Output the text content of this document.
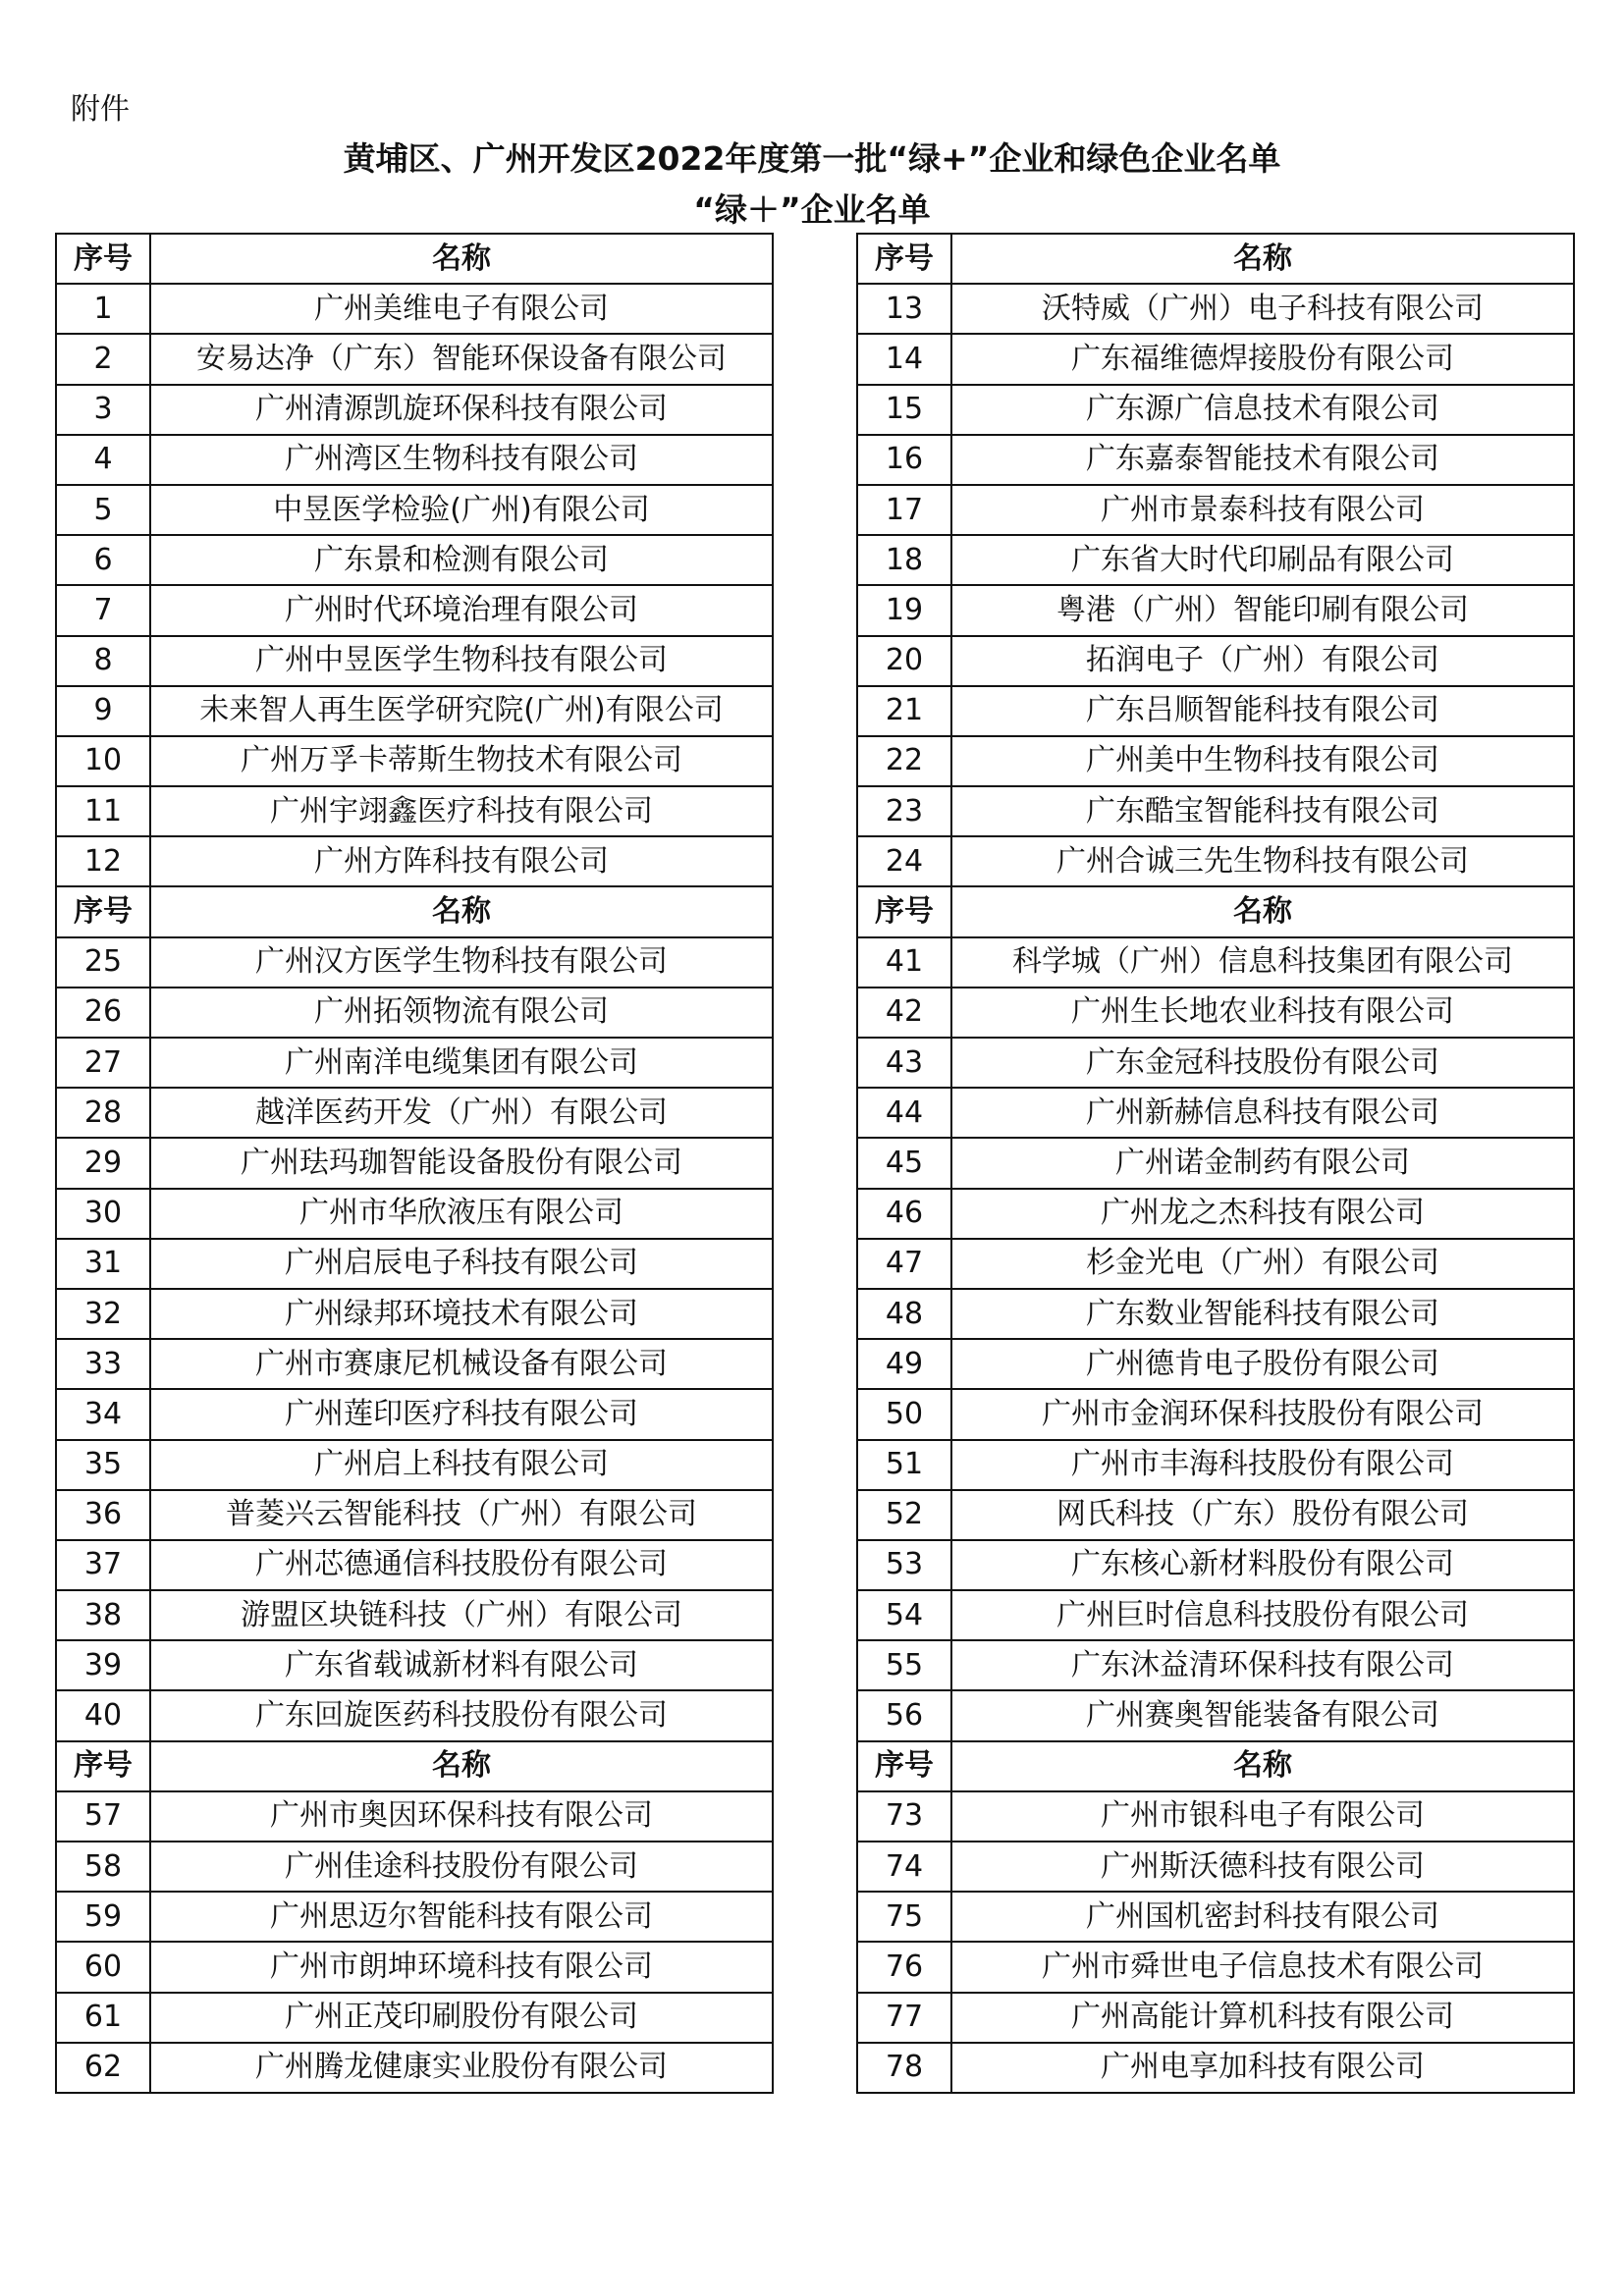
附件
黄埔区、广州开发区2022年度第一批“绿+”企业和绿色企业名单
“绿＋”企业名单
序号	名称
1	广州美维电子有限公司
2	安易达净（广东）智能环保设备有限公司
3	广州清源凯旋环保科技有限公司
4	广州湾区生物科技有限公司
5	中昱医学检验(广州)有限公司
6	广东景和检测有限公司
7	广州时代环境治理有限公司
8	广州中昱医学生物科技有限公司
9	未来智人再生医学研究院(广州)有限公司
10	广州万孚卡蒂斯生物技术有限公司
11	广州宇翊鑫医疗科技有限公司
12	广州方阵科技有限公司
序号	名称
25	广州汉方医学生物科技有限公司
26	广州拓领物流有限公司
27	广州南洋电缆集团有限公司
28	越洋医药开发（广州）有限公司
29	广州珐玛珈智能设备股份有限公司
30	广州市华欣液压有限公司
31	广州启辰电子科技有限公司
32	广州绿邦环境技术有限公司
33	广州市赛康尼机械设备有限公司
34	广州莲印医疗科技有限公司
35	广州启上科技有限公司
36	普菱兴云智能科技（广州）有限公司
37	广州芯德通信科技股份有限公司
38	游盟区块链科技（广州）有限公司
39	广东省载诚新材料有限公司
40	广东回旋医药科技股份有限公司
序号	名称
57	广州市奥因环保科技有限公司
58	广州佳途科技股份有限公司
59	广州思迈尔智能科技有限公司
60	广州市朗坤环境科技有限公司
61	广州正茂印刷股份有限公司
62	广州腾龙健康实业股份有限公司
序号	名称
13	沃特威（广州）电子科技有限公司
14	广东福维德焊接股份有限公司
15	广东源广信息技术有限公司
16	广东嘉泰智能技术有限公司
17	广州市景泰科技有限公司
18	广东省大时代印刷品有限公司
19	粤港（广州）智能印刷有限公司
20	拓润电子（广州）有限公司
21	广东吕顺智能科技有限公司
22	广州美中生物科技有限公司
23	广东酷宝智能科技有限公司
24	广州合诚三先生物科技有限公司
序号	名称
41	科学城（广州）信息科技集团有限公司
42	广州生长地农业科技有限公司
43	广东金冠科技股份有限公司
44	广州新赫信息科技有限公司
45	广州诺金制药有限公司
46	广州龙之杰科技有限公司
47	杉金光电（广州）有限公司
48	广东数业智能科技有限公司
49	广州德肯电子股份有限公司
50	广州市金润环保科技股份有限公司
51	广州市丰海科技股份有限公司
52	网氏科技（广东）股份有限公司
53	广东核心新材料股份有限公司
54	广州巨时信息科技股份有限公司
55	广东沐益清环保科技有限公司
56	广州赛奥智能装备有限公司
序号	名称
73	广州市银科电子有限公司
74	广州斯沃德科技有限公司
75	广州国机密封科技有限公司
76	广州市舜世电子信息技术有限公司
77	广州高能计算机科技有限公司
78	广州电享加科技有限公司
